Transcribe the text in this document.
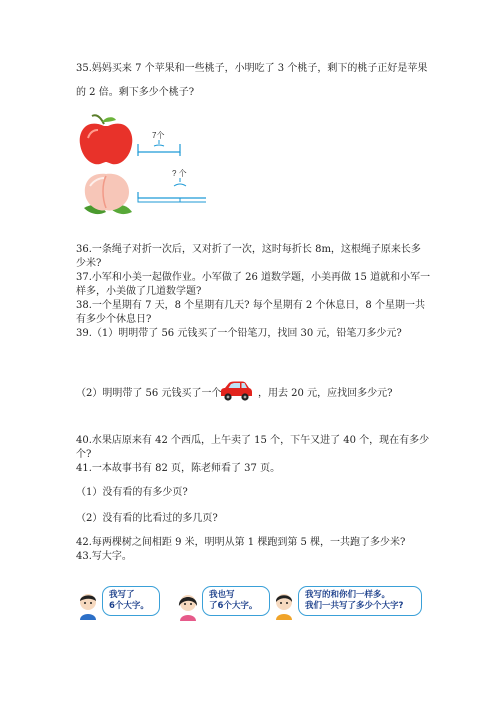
35.妈妈买来 7 个苹果和一些桃子，小明吃了 3 个桃子，剩下的桃子正好是苹果
的 2 倍。剩下多少个桃子?
7个
? 个
36.一条绳子对折一次后，又对折了一次，这时每折长 8m，这根绳子原来长多
少米?
37.小军和小美一起做作业。小军做了 26 道数学题，小美再做 15 道就和小军一
样多，小美做了几道数学题?
38.一个星期有 7 天，8 个星期有几天? 每个星期有 2 个休息日，8 个星期一共
有多少个休息日?
39.（1）明明带了 56 元钱买了一个铅笔刀，找回 30 元，铅笔刀多少元?
（2）明明带了 56 元钱买了一个	，用去 20 元，应找回多少元?
40.水果店原来有 42 个西瓜，上午卖了 15 个，下午又进了 40 个，现在有多少
个?
41.一本故事书有 82 页，陈老师看了 37 页。
（1）没有看的有多少页?
（2）没有看的比看过的多几页?
42.每两棵树之间相距 9 米，明明从第 1 棵跑到第 5 棵，一共跑了多少米?
43.写大字。
我写了
6个大字。
我也写
了6个大字。
我写的和你们一样多。
我们一共写了多少个大字?
